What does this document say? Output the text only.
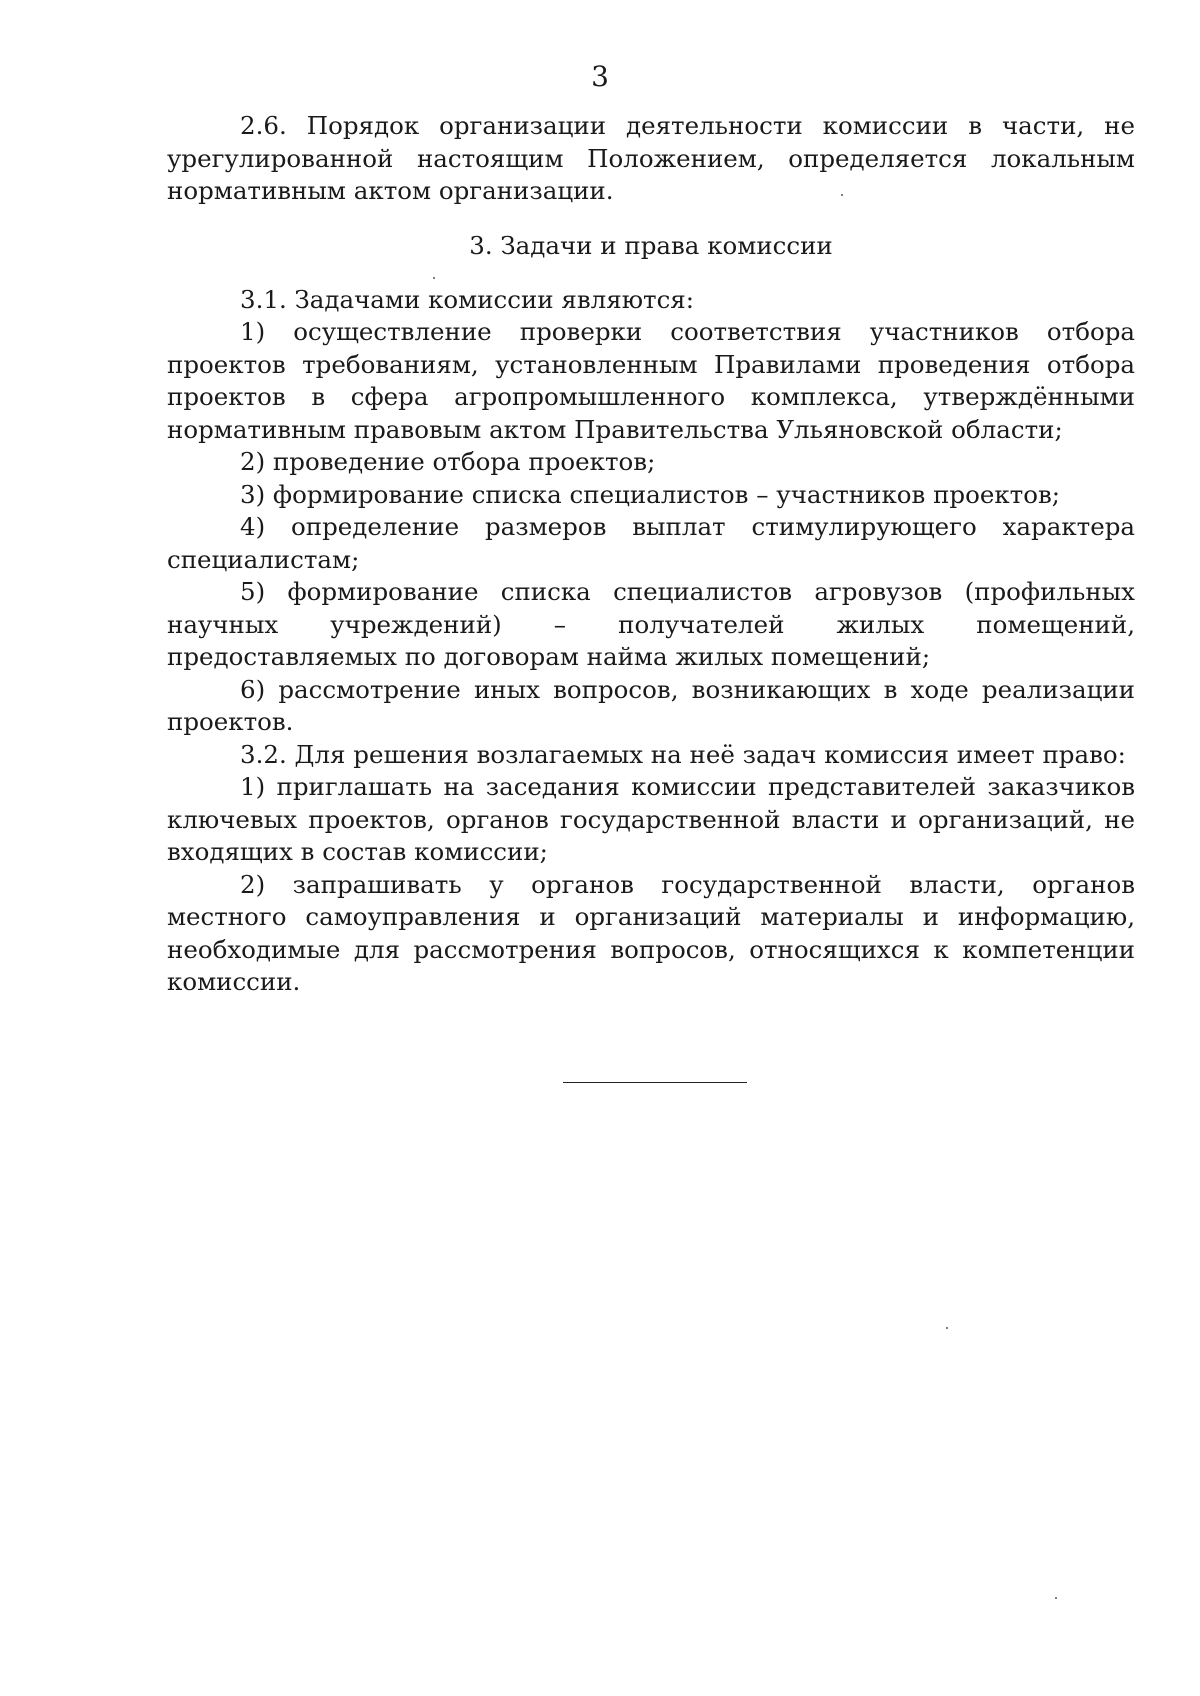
3

2.6. Порядок организации деятельности комиссии в части, не урегулированной настоящим Положением, определяется локальным нормативным актом организации.

3. Задачи и права комиссии

3.1. Задачами комиссии являются:

1) осуществление проверки соответствия участников отбора проектов требованиям, установленным Правилами проведения отбора проектов в сфера агропромышленного комплекса, утверждёнными нормативным правовым актом Правительства Ульяновской области;

2) проведение отбора проектов;

3) формирование списка специалистов – участников проектов;

4) определение размеров выплат стимулирующего характера специалистам;

5) формирование списка специалистов агровузов (профильных научных учреждений) – получателей жилых помещений, предоставляемых по договорам найма жилых помещений;

6) рассмотрение иных вопросов, возникающих в ходе реализации проектов.

3.2. Для решения возлагаемых на неё задач комиссия имеет право:

1) приглашать на заседания комиссии представителей заказчиков ключевых проектов, органов государственной власти и организаций, не входящих в состав комиссии;

2) запрашивать у органов государственной власти, органов местного самоуправления и организаций материалы и информацию, необходимые для рассмотрения вопросов, относящихся к компетенции комиссии.
